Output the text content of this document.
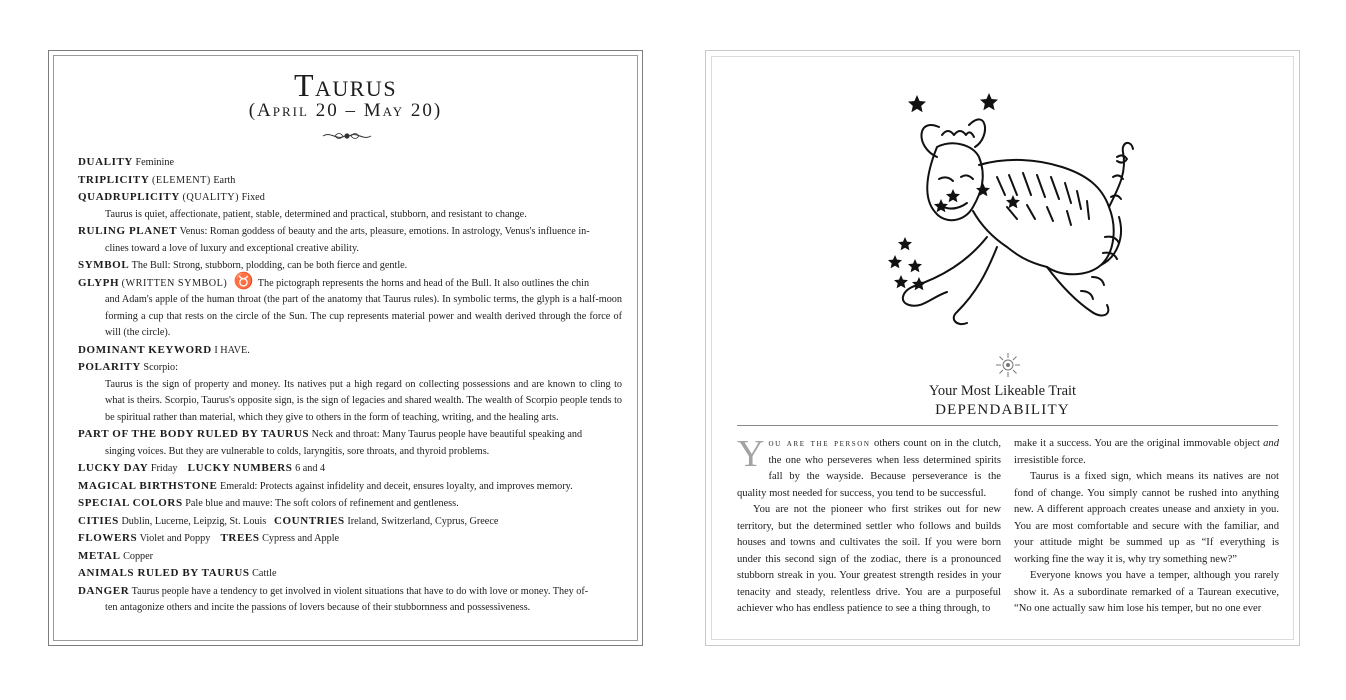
Taurus
(April 20 – May 20)

DUALITY Feminine

TRIPLICITY (ELEMENT) Earth

QUADRUPLICITY (QUALITY) Fixed

Taurus is quiet, affectionate, patient, stable, determined and practical, stubborn, and resistant to change.

RULING PLANET Venus: Roman goddess of beauty and the arts, pleasure, emotions. In astrology, Venus's influence in-
clines toward a love of luxury and exceptional creative ability.

SYMBOL The Bull: Strong, stubborn, plodding, can be both fierce and gentle.

GLYPH (WRITTEN SYMBOL) ♉ The pictograph represents the horns and head of the Bull. It also outlines the chin

and Adam's apple of the human throat (the part of the anatomy that Taurus rules). In symbolic terms, the glyph is a half-moon forming a cup that rests on the circle of the Sun. The cup represents material power and wealth derived through the force of will (the circle).

DOMINANT KEYWORD I HAVE.

POLARITY Scorpio:

Taurus is the sign of property and money. Its natives put a high regard on collecting possessions and are known to cling to what is theirs. Scorpio, Taurus's opposite sign, is the sign of legacies and shared wealth. The wealth of Scorpio people tends to be spiritual rather than material, which they give to others in the form of teaching, writing, and the healing arts.

PART OF THE BODY RULED BY TAURUS Neck and throat: Many Taurus people have beautiful speaking and

singing voices. But they are vulnerable to colds, laryngitis, sore throats, and thyroid problems.

LUCKY DAY Friday LUCKY NUMBERS 6 and 4

MAGICAL BIRTHSTONE Emerald: Protects against infidelity and deceit, ensures loyalty, and improves memory.

SPECIAL COLORS Pale blue and mauve: The soft colors of refinement and gentleness.

CITIES Dublin, Lucerne, Leipzig, St. Louis COUNTRIES Ireland, Switzerland, Cyprus, Greece

FLOWERS Violet and Poppy TREES Cypress and Apple

METAL Copper

ANIMALS RULED BY TAURUS Cattle

DANGER Taurus people have a tendency to get involved in violent situations that have to do with love or money. They of-

ten antagonize others and incite the passions of lovers because of their stubbornness and possessiveness.

Your Most Likeable Trait
DEPENDABILITY

You are the person others count on in the clutch, the one who perseveres when less determined spirits fall by the wayside. Because perseverance is the quality most needed for success, you tend to be successful.

You are not the pioneer who first strikes out for new territory, but the determined settler who follows and builds houses and towns and cultivates the soil. If you were born under this second sign of the zodiac, there is a pronounced stubborn streak in you. Your greatest strength resides in your tenacity and steady, relentless drive. You are a purposeful achiever who has endless patience to see a thing through, to

make it a success. You are the original immovable object and irresistible force.

Taurus is a fixed sign, which means its natives are not fond of change. You simply cannot be rushed into anything new. A different approach creates unease and anxiety in you. You are most comfortable and secure with the familiar, and your attitude might be summed up as “If everything is working fine the way it is, why try something new?”

Everyone knows you have a temper, although you rarely show it. As a subordinate remarked of a Taurean executive, “No one actually saw him lose his temper, but no one ever
